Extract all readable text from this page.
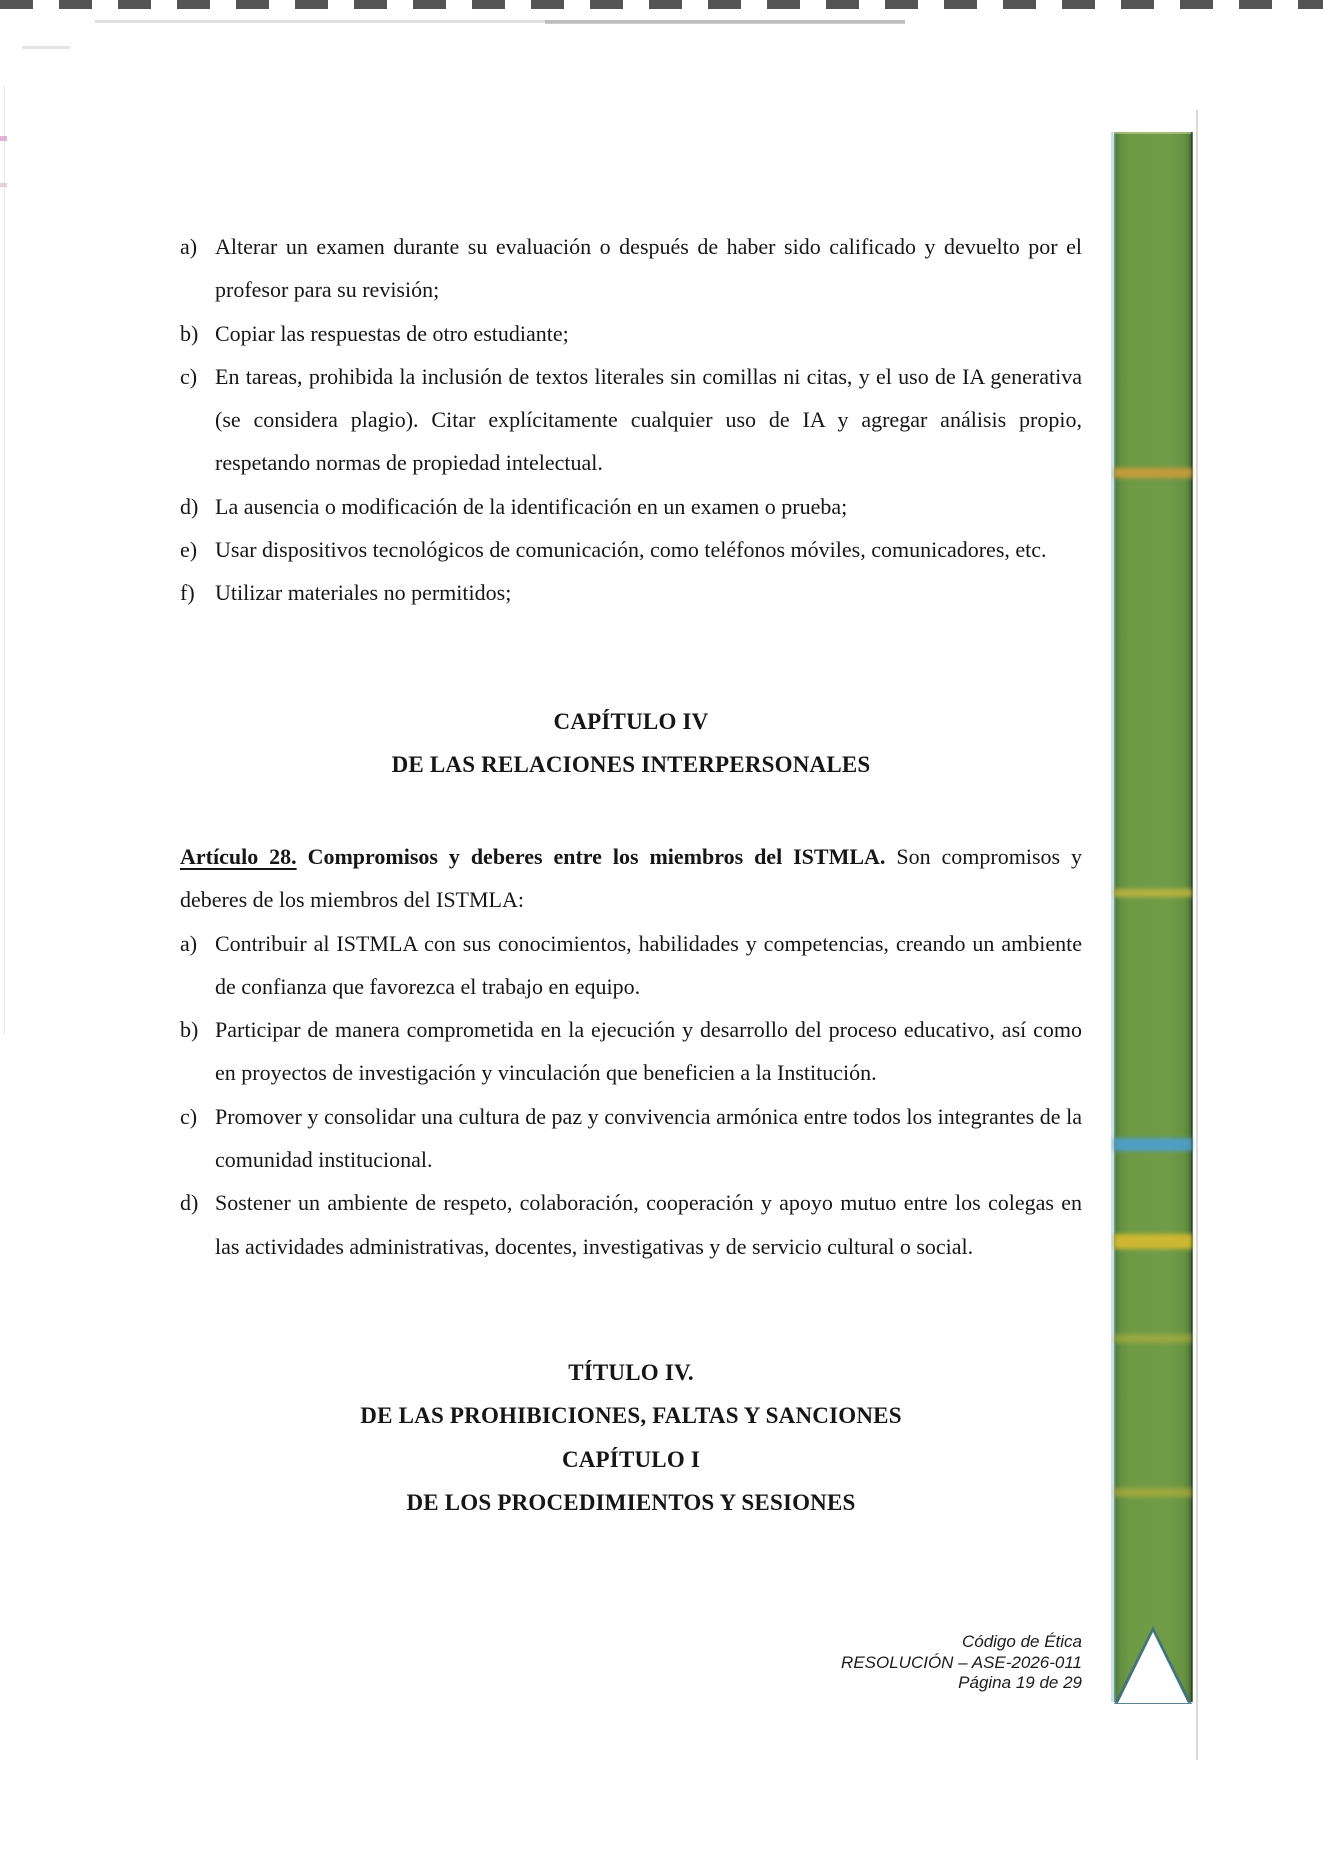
a) Alterar un examen durante su evaluación o después de haber sido calificado y devuelto por el profesor para su revisión;
b) Copiar las respuestas de otro estudiante;
c) En tareas, prohibida la inclusión de textos literales sin comillas ni citas, y el uso de IA generativa (se considera plagio). Citar explícitamente cualquier uso de IA y agregar análisis propio, respetando normas de propiedad intelectual.
d) La ausencia o modificación de la identificación en un examen o prueba;
e) Usar dispositivos tecnológicos de comunicación, como teléfonos móviles, comunicadores, etc.
f) Utilizar materiales no permitidos;
CAPÍTULO IV
DE LAS RELACIONES INTERPERSONALES
Artículo 28. Compromisos y deberes entre los miembros del ISTMLA. Son compromisos y deberes de los miembros del ISTMLA:
a) Contribuir al ISTMLA con sus conocimientos, habilidades y competencias, creando un ambiente de confianza que favorezca el trabajo en equipo.
b) Participar de manera comprometida en la ejecución y desarrollo del proceso educativo, así como en proyectos de investigación y vinculación que beneficien a la Institución.
c) Promover y consolidar una cultura de paz y convivencia armónica entre todos los integrantes de la comunidad institucional.
d) Sostener un ambiente de respeto, colaboración, cooperación y apoyo mutuo entre los colegas en las actividades administrativas, docentes, investigativas y de servicio cultural o social.
TÍTULO IV.
DE LAS PROHIBICIONES, FALTAS Y SANCIONES
CAPÍTULO I
DE LOS PROCEDIMIENTOS Y SESIONES
Código de Ética
RESOLUCIÓN – ASE-2026-011
Página 19 de 29
